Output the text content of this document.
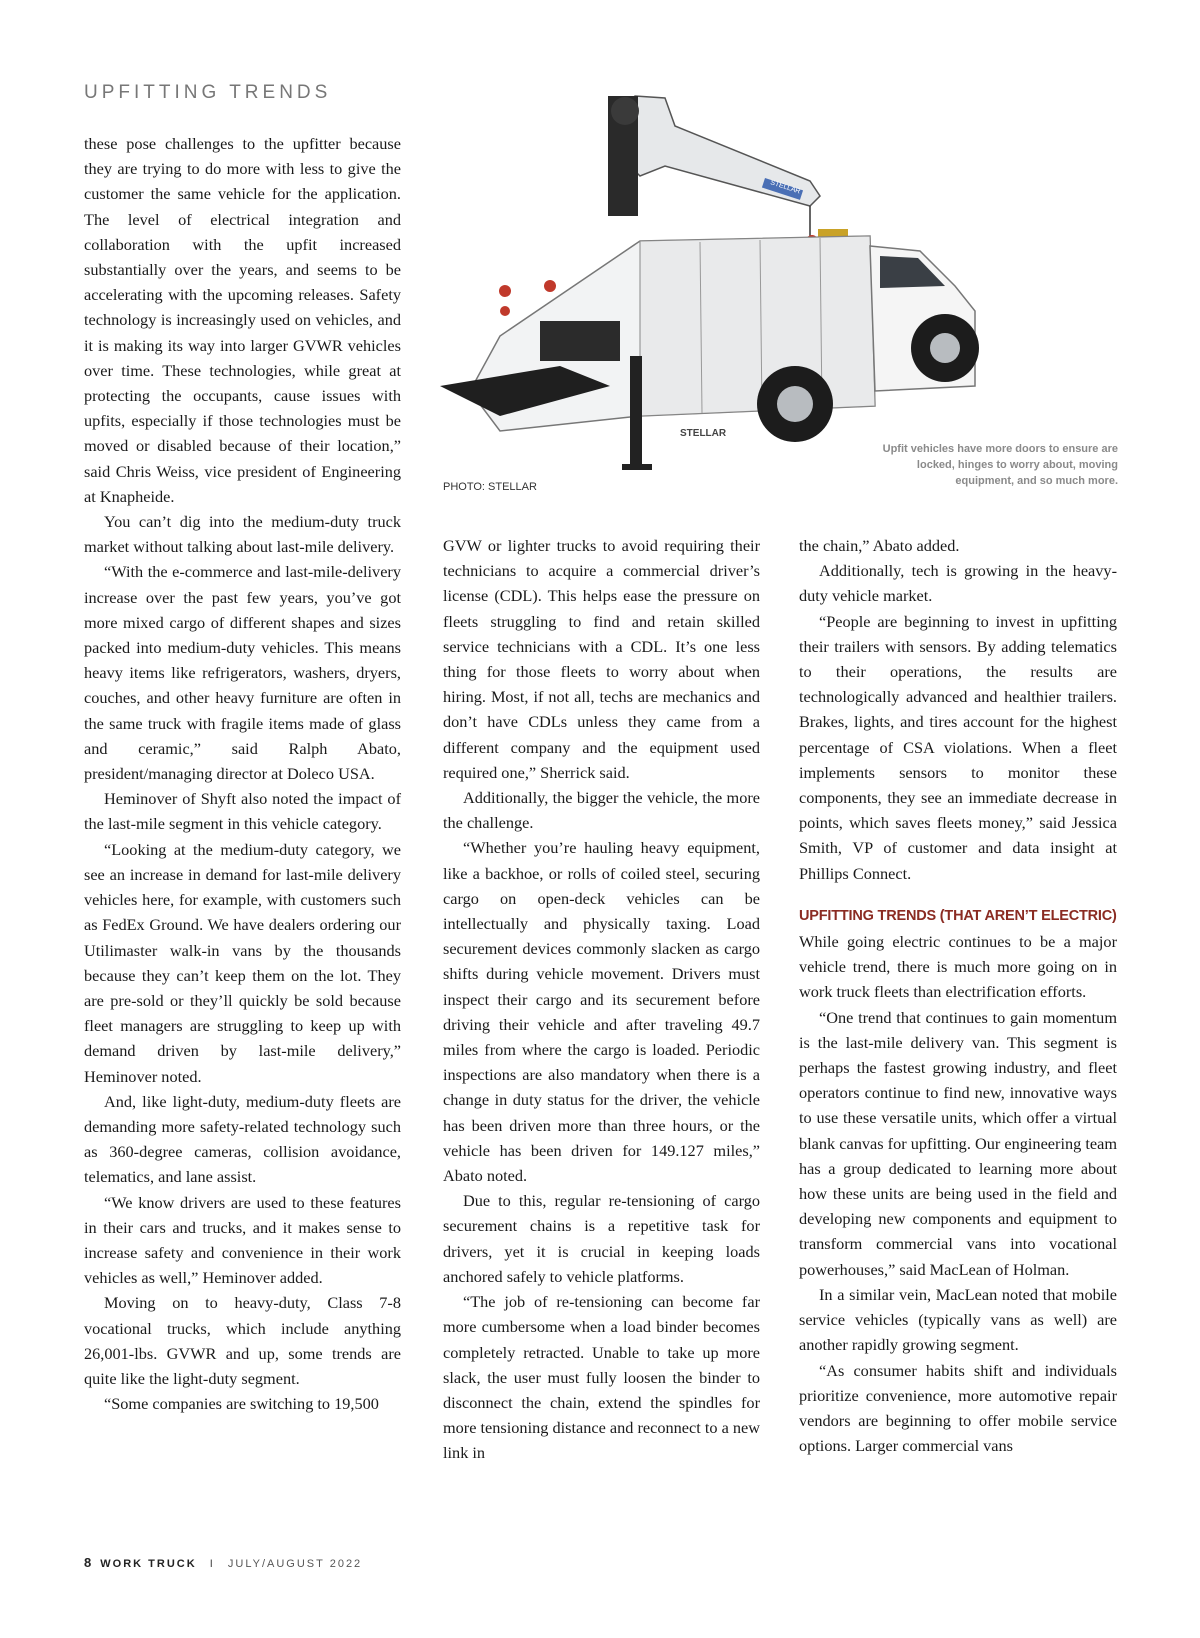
UPFITTING TRENDS

these pose challenges to the upfitter because they are trying to do more with less to give the customer the same vehicle for the application. The level of electrical integration and collaboration with the upfit increased substantially over the years, and seems to be accelerating with the upcoming releases. Safety technology is increasingly used on vehicles, and it is making its way into larger GVWR vehicles over time. These technologies, while great at protecting the occupants, cause issues with upfits, especially if those technologies must be moved or disabled because of their location,” said Chris Weiss, vice president of Engineering at Knapheide.

You can’t dig into the medium-duty truck market without talking about last-mile delivery.

“With the e-commerce and last-mile-delivery increase over the past few years, you’ve got more mixed cargo of different shapes and sizes packed into medium-duty vehicles. This means heavy items like refrigerators, washers, dryers, couches, and other heavy furniture are often in the same truck with fragile items made of glass and ceramic,” said Ralph Abato, president/managing director at Doleco USA.

Heminover of Shyft also noted the impact of the last-mile segment in this vehicle category.

“Looking at the medium-duty category, we see an increase in demand for last-mile delivery vehicles here, for example, with customers such as FedEx Ground. We have dealers ordering our Utilimaster walk-in vans by the thousands because they can’t keep them on the lot. They are pre-sold or they’ll quickly be sold because fleet managers are struggling to keep up with demand driven by last-mile delivery,” Heminover noted.

And, like light-duty, medium-duty fleets are demanding more safety-related technology such as 360-degree cameras, collision avoidance, telematics, and lane assist.

“We know drivers are used to these features in their cars and trucks, and it makes sense to increase safety and convenience in their work vehicles as well,” Heminover added.

Moving on to heavy-duty, Class 7-8 vocational trucks, which include anything 26,001-lbs. GVWR and up, some trends are quite like the light-duty segment.

“Some companies are switching to 19,500

STELLAR
STELLAR
PHOTO: STELLAR
Upfit vehicles have more doors to ensure are locked, hinges to worry about, moving equipment, and so much more.

GVW or lighter trucks to avoid requiring their technicians to acquire a commercial driver’s license (CDL). This helps ease the pressure on fleets struggling to find and retain skilled service technicians with a CDL. It’s one less thing for those fleets to worry about when hiring. Most, if not all, techs are mechanics and don’t have CDLs unless they came from a different company and the equipment used required one,” Sherrick said.

Additionally, the bigger the vehicle, the more the challenge.

“Whether you’re hauling heavy equipment, like a backhoe, or rolls of coiled steel, securing cargo on open-deck vehicles can be intellectually and physically taxing. Load securement devices commonly slacken as cargo shifts during vehicle movement. Drivers must inspect their cargo and its securement before driving their vehicle and after traveling 49.7 miles from where the cargo is loaded. Periodic inspections are also mandatory when there is a change in duty status for the driver, the vehicle has been driven more than three hours, or the vehicle has been driven for 149.127 miles,” Abato noted.

Due to this, regular re-tensioning of cargo securement chains is a repetitive task for drivers, yet it is crucial in keeping loads anchored safely to vehicle platforms.

“The job of re-tensioning can become far more cumbersome when a load binder becomes completely retracted. Unable to take up more slack, the user must fully loosen the binder to disconnect the chain, extend the spindles for more tensioning distance and reconnect to a new link in

the chain,” Abato added.

Additionally, tech is growing in the heavy-duty vehicle market.

“People are beginning to invest in upfitting their trailers with sensors. By adding telematics to their operations, the results are technologically advanced and healthier trailers. Brakes, lights, and tires account for the highest percentage of CSA violations. When a fleet implements sensors to monitor these components, they see an immediate decrease in points, which saves fleets money,” said Jessica Smith, VP of customer and data insight at Phillips Connect.

UPFITTING TRENDS (THAT AREN’T ELECTRIC)

While going electric continues to be a major vehicle trend, there is much more going on in work truck fleets than electrification efforts.

“One trend that continues to gain momentum is the last-mile delivery van. This segment is perhaps the fastest growing industry, and fleet operators continue to find new, innovative ways to use these versatile units, which offer a virtual blank canvas for upfitting. Our engineering team has a group dedicated to learning more about how these units are being used in the field and developing new components and equipment to transform commercial vans into vocational powerhouses,” said MacLean of Holman.

In a similar vein, MacLean noted that mobile service vehicles (typically vans as well) are another rapidly growing segment.

“As consumer habits shift and individuals prioritize convenience, more automotive repair vendors are beginning to offer mobile service options. Larger commercial vans

8 WORK TRUCK I JULY/AUGUST 2022
